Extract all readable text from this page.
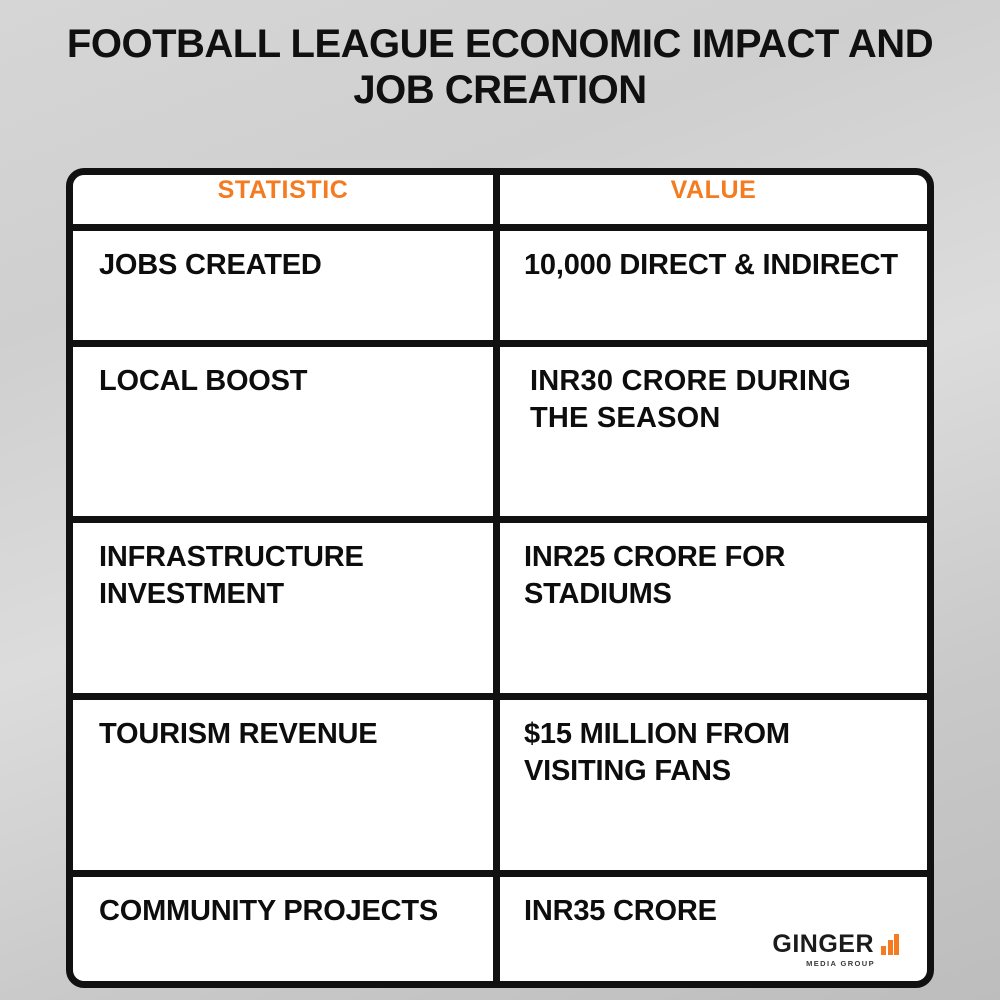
FOOTBALL LEAGUE ECONOMIC IMPACT AND JOB CREATION
STATISTIC	VALUE
JOBS CREATED	10,000 DIRECT & INDIRECT
LOCAL BOOST	INR30 CRORE DURING THE SEASON
INFRASTRUCTURE INVESTMENT	INR25 CRORE FOR STADIUMS
TOURISM REVENUE	$15 MILLION FROM VISITING FANS
COMMUNITY PROJECTS	INR35 CRORE
GINGER
MEDIA GROUP
